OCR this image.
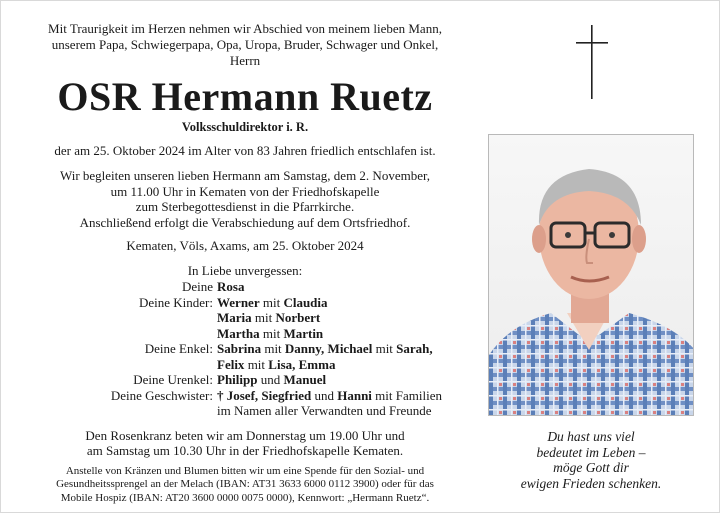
Mit Traurigkeit im Herzen nehmen wir Abschied von meinem lieben Mann,
unserem Papa, Schwiegerpapa, Opa, Uropa, Bruder, Schwager und Onkel,
Herrn
OSR Hermann Ruetz
Volksschuldirektor i. R.
der am 25. Oktober 2024 im Alter von 83 Jahren friedlich entschlafen ist.
Wir begleiten unseren lieben Hermann am Samstag, dem 2. November,
um 11.00 Uhr in Kematen von der Friedhofskapelle
zum Sterbegottesdienst in die Pfarrkirche.
Anschließend erfolgt die Verabschiedung auf dem Ortsfriedhof.
Kematen, Völs, Axams, am 25. Oktober 2024
In Liebe unvergessen:
Deine Rosa
Deine Kinder: Werner mit Claudia
Maria mit Norbert
Martha mit Martin
Deine Enkel: Sabrina mit Danny, Michael mit Sarah,
Felix mit Lisa, Emma
Deine Urenkel: Philipp und Manuel
Deine Geschwister: † Josef, Siegfried und Hanni mit Familien
im Namen aller Verwandten und Freunde
Den Rosenkranz beten wir am Donnerstag um 19.00 Uhr und
am Samstag um 10.30 Uhr in der Friedhofskapelle Kematen.
Anstelle von Kränzen und Blumen bitten wir um eine Spende für den Sozial- und
Gesundheitssprengel an der Melach (IBAN: AT31 3633 6000 0112 3900) oder für das
Mobile Hospiz (IBAN: AT20 3600 0000 0075 0000), Kennwort: „Hermann Ruetz“.
Du hast uns viel
bedeutet im Leben –
möge Gott dir
ewigen Frieden schenken.
